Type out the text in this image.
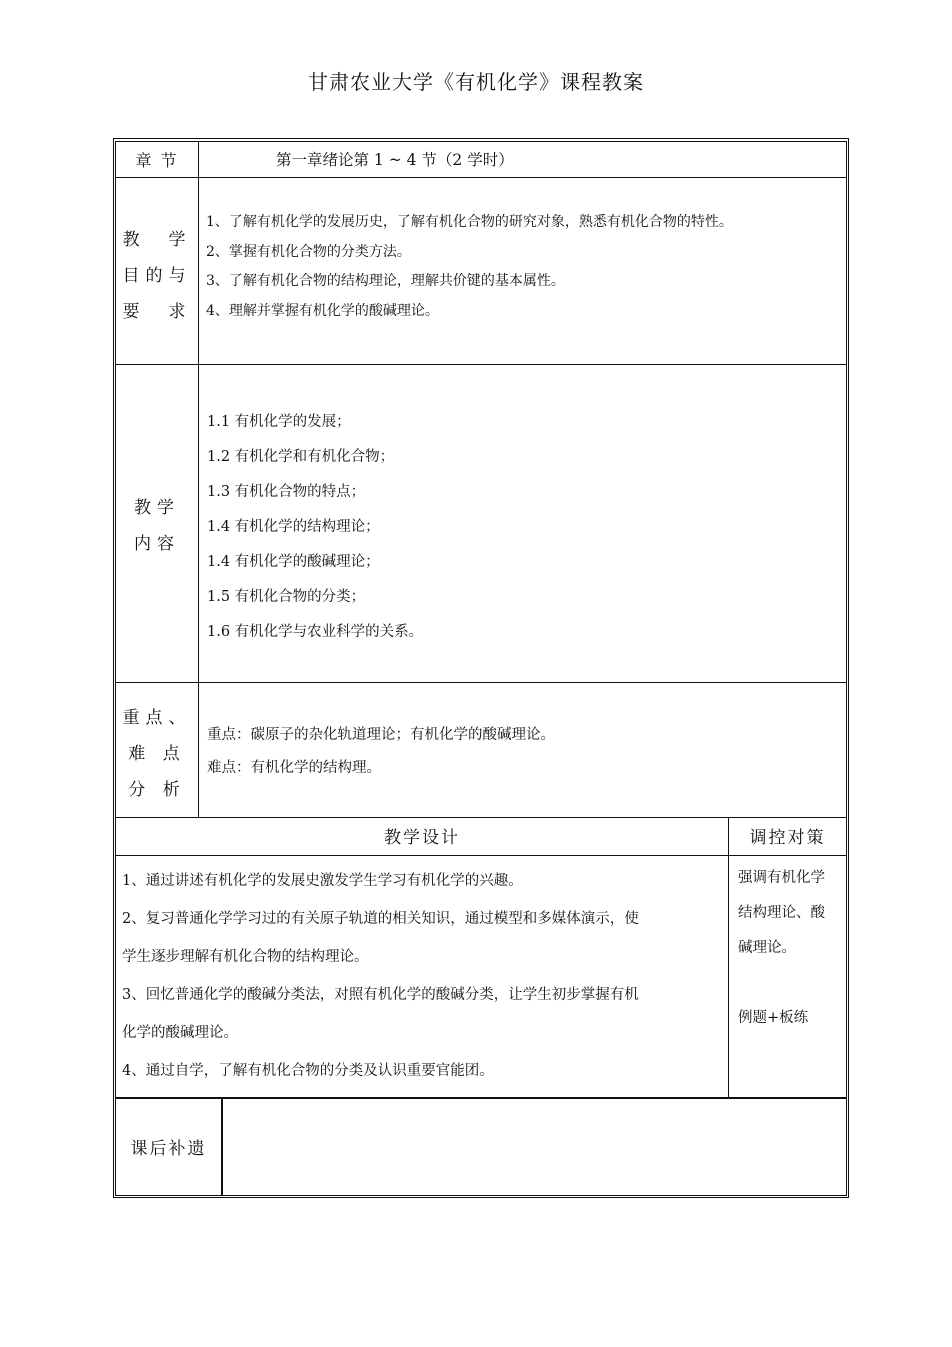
甘肃农业大学《有机化学》课程教案
章 节	第一章绪论第 1 ~ 4 节（2 学时）
教　学
目的与
要　求
1、了解有机化学的发展历史，了解有机化合物的研究对象，熟悉有机化合物的特性。
2、掌握有机化合物的分类方法。
3、了解有机化合物的结构理论，理解共价键的基本属性。
4、理解并掌握有机化学的酸碱理论。
教学
内容
1.1 有机化学的发展；
1.2 有机化学和有机化合物；
1.3 有机化合物的特点；
1.4 有机化学的结构理论；
1.4 有机化学的酸碱理论；
1.5 有机化合物的分类；
1.6 有机化学与农业科学的关系。
重点、
难 点
分 析
重点：碳原子的杂化轨道理论；有机化学的酸碱理论。
难点：有机化学的结构理。
教学设计	调控对策
1、通过讲述有机化学的发展史激发学生学习有机化学的兴趣。
2、复习普通化学学习过的有关原子轨道的相关知识，通过模型和多媒体演示，使
学生逐步理解有机化合物的结构理论。
3、回忆普通化学的酸碱分类法，对照有机化学的酸碱分类，让学生初步掌握有机
化学的酸碱理论。
4、通过自学，了解有机化合物的分类及认识重要官能团。
强调有机化学
结构理论、酸
碱理论。

例题+板练
课后补遗
